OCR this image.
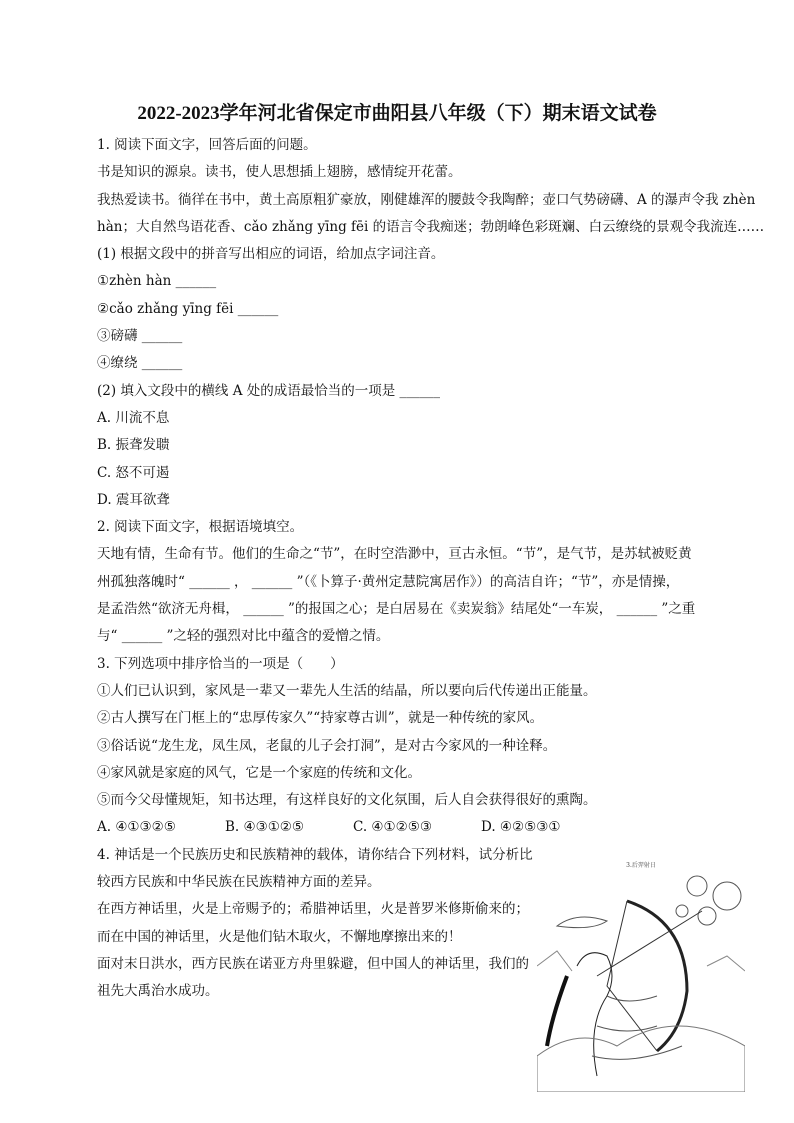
2022-2023学年河北省保定市曲阳县八年级（下）期末语文试卷
1. 阅读下面文字，回答后面的问题。
书是知识的源泉。读书，使人思想插上翅膀，感情绽开花蕾。
我热爱读书。徜徉在书中，黄土高原粗犷豪放，刚健雄浑的腰鼓令我陶醉；壶口气势磅礴、A 的瀑声令我 zhèn
hàn；大自然鸟语花香、cǎo zhǎng yīng fēi 的语言令我痴迷；勃朗峰色彩斑斓、白云缭绕的景观令我流连……
(1) 根据文段中的拼音写出相应的词语，给加点字词注音。
①zhèn hàn ______
②cǎo zhǎng yīng fēi ______
③磅礴 ______
④缭绕 ______
(2) 填入文段中的横线 A 处的成语最恰当的一项是 ______
A. 川流不息
B. 振聋发聩
C. 怒不可遏
D. 震耳欲聋
2. 阅读下面文字，根据语境填空。
天地有情，生命有节。他们的生命之“节”，在时空浩渺中，亘古永恒。“节”，是气节，是苏轼被贬黄
州孤独落魄时“ ______ ， ______ ”（《卜算子·黄州定慧院寓居作》）的高洁自许；“节”，亦是情操，
是孟浩然“欲济无舟楫， ______ ”的报国之心；是白居易在《卖炭翁》结尾处“一车炭， ______ ”之重
与“ ______ ”之轻的强烈对比中蕴含的爱憎之情。
3. 下列选项中排序恰当的一项是（　　）
①人们已认识到，家风是一辈又一辈先人生活的结晶，所以要向后代传递出正能量。
②古人撰写在门框上的“忠厚传家久”“持家尊古训”，就是一种传统的家风。
③俗话说“龙生龙，凤生凤，老鼠的儿子会打洞”，是对古今家风的一种诠释。
④家风就是家庭的风气，它是一个家庭的传统和文化。
⑤而今父母懂规矩，知书达理，有这样良好的文化氛围，后人自会获得很好的熏陶。
A. ④①③②⑤	B. ④③①②⑤	C. ④①②⑤③	D. ④②⑤③①
4. 神话是一个民族历史和民族精神的载体，请你结合下列材料，试分析比
较西方民族和中华民族在民族精神方面的差异。
在西方神话里，火是上帝赐予的；希腊神话里，火是普罗米修斯偷来的；
而在中国的神话里，火是他们钻木取火，不懈地摩擦出来的！
面对末日洪水，西方民族在诺亚方舟里躲避，但中国人的神话里，我们的
祖先大禹治水成功。
3.后羿射日
